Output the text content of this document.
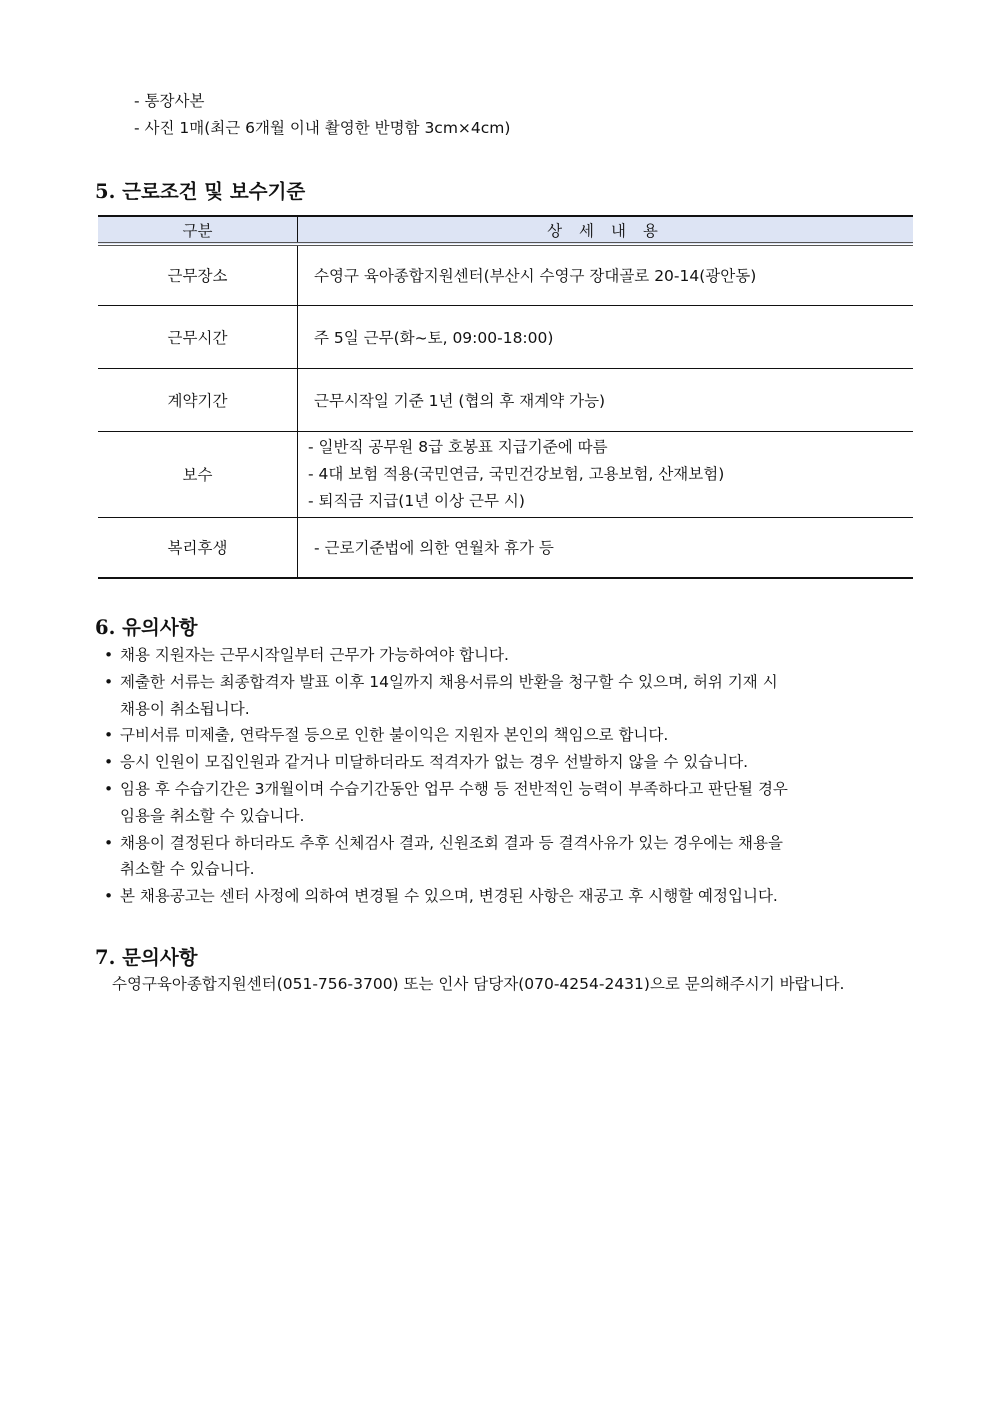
- 통장사본
- 사진 1매(최근 6개월 이내 촬영한 반명함 3cm×4cm)
5. 근로조건 및 보수기준
구분	상 세 내 용
근무장소	수영구 육아종합지원센터(부산시 수영구 장대골로 20-14(광안동)
근무시간	주 5일 근무(화~토, 09:00-18:00)
계약기간	근무시작일 기준 1년 (협의 후 재계약 가능)
보수	- 일반직 공무원 8급 호봉표 지급기준에 따름
- 4대 보험 적용(국민연금, 국민건강보험, 고용보험, 산재보험)
- 퇴직금 지급(1년 이상 근무 시)

복리후생	- 근로기준법에 의한 연월차 휴가 등
6. 유의사항
• 채용 지원자는 근무시작일부터 근무가 가능하여야 합니다.
• 제출한 서류는 최종합격자 발표 이후 14일까지 채용서류의 반환을 청구할 수 있으며, 허위 기재 시
채용이 취소됩니다.
• 구비서류 미제출, 연락두절 등으로 인한 불이익은 지원자 본인의 책임으로 합니다.
• 응시 인원이 모집인원과 같거나 미달하더라도 적격자가 없는 경우 선발하지 않을 수 있습니다.
• 임용 후 수습기간은 3개월이며 수습기간동안 업무 수행 등 전반적인 능력이 부족하다고 판단될 경우
임용을 취소할 수 있습니다.
• 채용이 결정된다 하더라도 추후 신체검사 결과, 신원조회 결과 등 결격사유가 있는 경우에는 채용을
취소할 수 있습니다.
• 본 채용공고는 센터 사정에 의하여 변경될 수 있으며, 변경된 사항은 재공고 후 시행할 예정입니다.
7. 문의사항
수영구육아종합지원센터(051-756-3700) 또는 인사 담당자(070-4254-2431)으로 문의해주시기 바랍니다.
